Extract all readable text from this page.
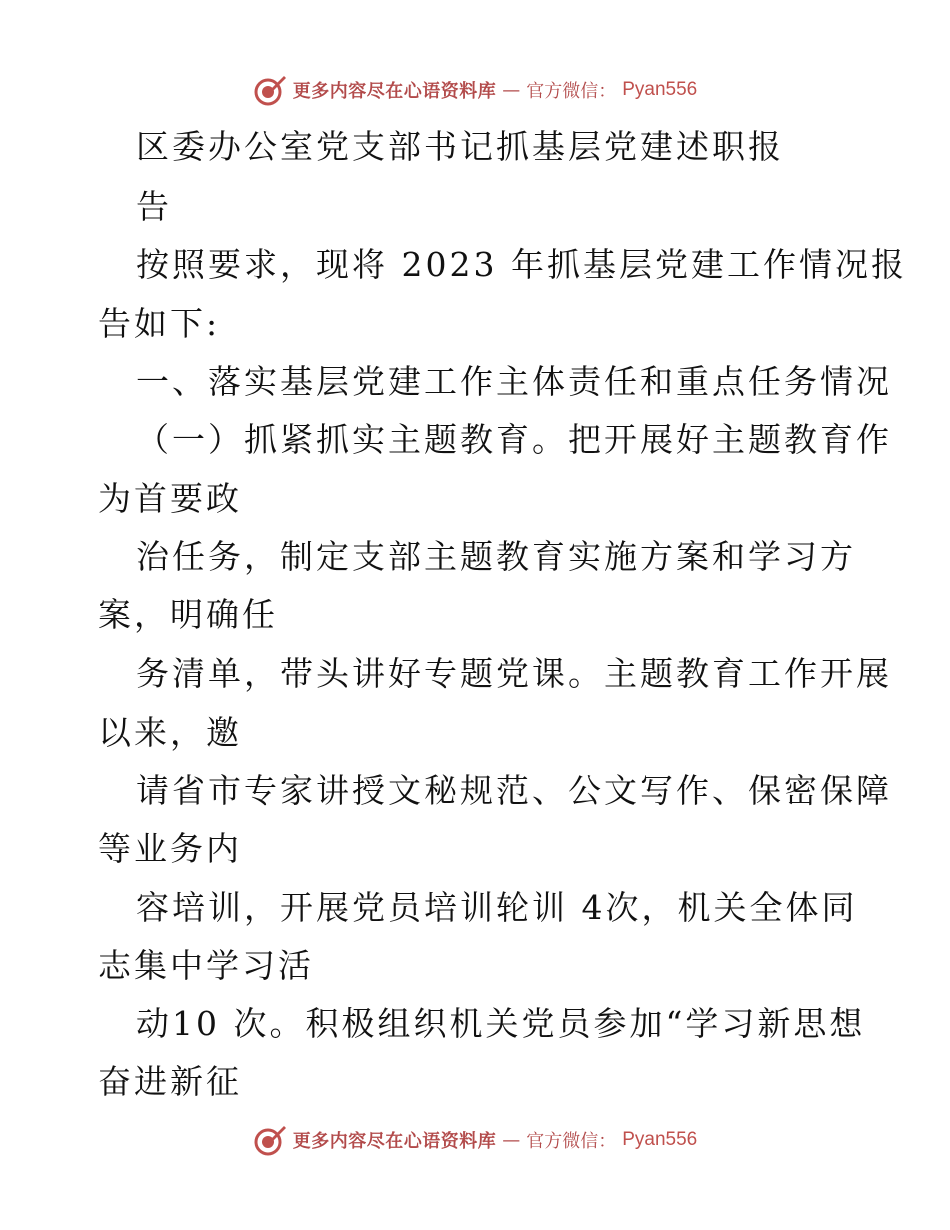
更多内容尽在心语资料库 — 官方微信： Pyan556
区委办公室党支部书记抓基层党建述职报
告
按照要求，现将 2023 年抓基层党建工作情况报
告如下:
一、落实基层党建工作主体责任和重点任务情况
（一）抓紧抓实主题教育。把开展好主题教育作
为首要政
治任务，制定支部主题教育实施方案和学习方
案，明确任
务清单，带头讲好专题党课。主题教育工作开展
以来，邀
请省市专家讲授文秘规范、公文写作、保密保障
等业务内
容培训，开展党员培训轮训 4次，机关全体同
志集中学习活
动10 次。积极组织机关党员参加“学习新思想
奋进新征
更多内容尽在心语资料库 — 官方微信： Pyan556
